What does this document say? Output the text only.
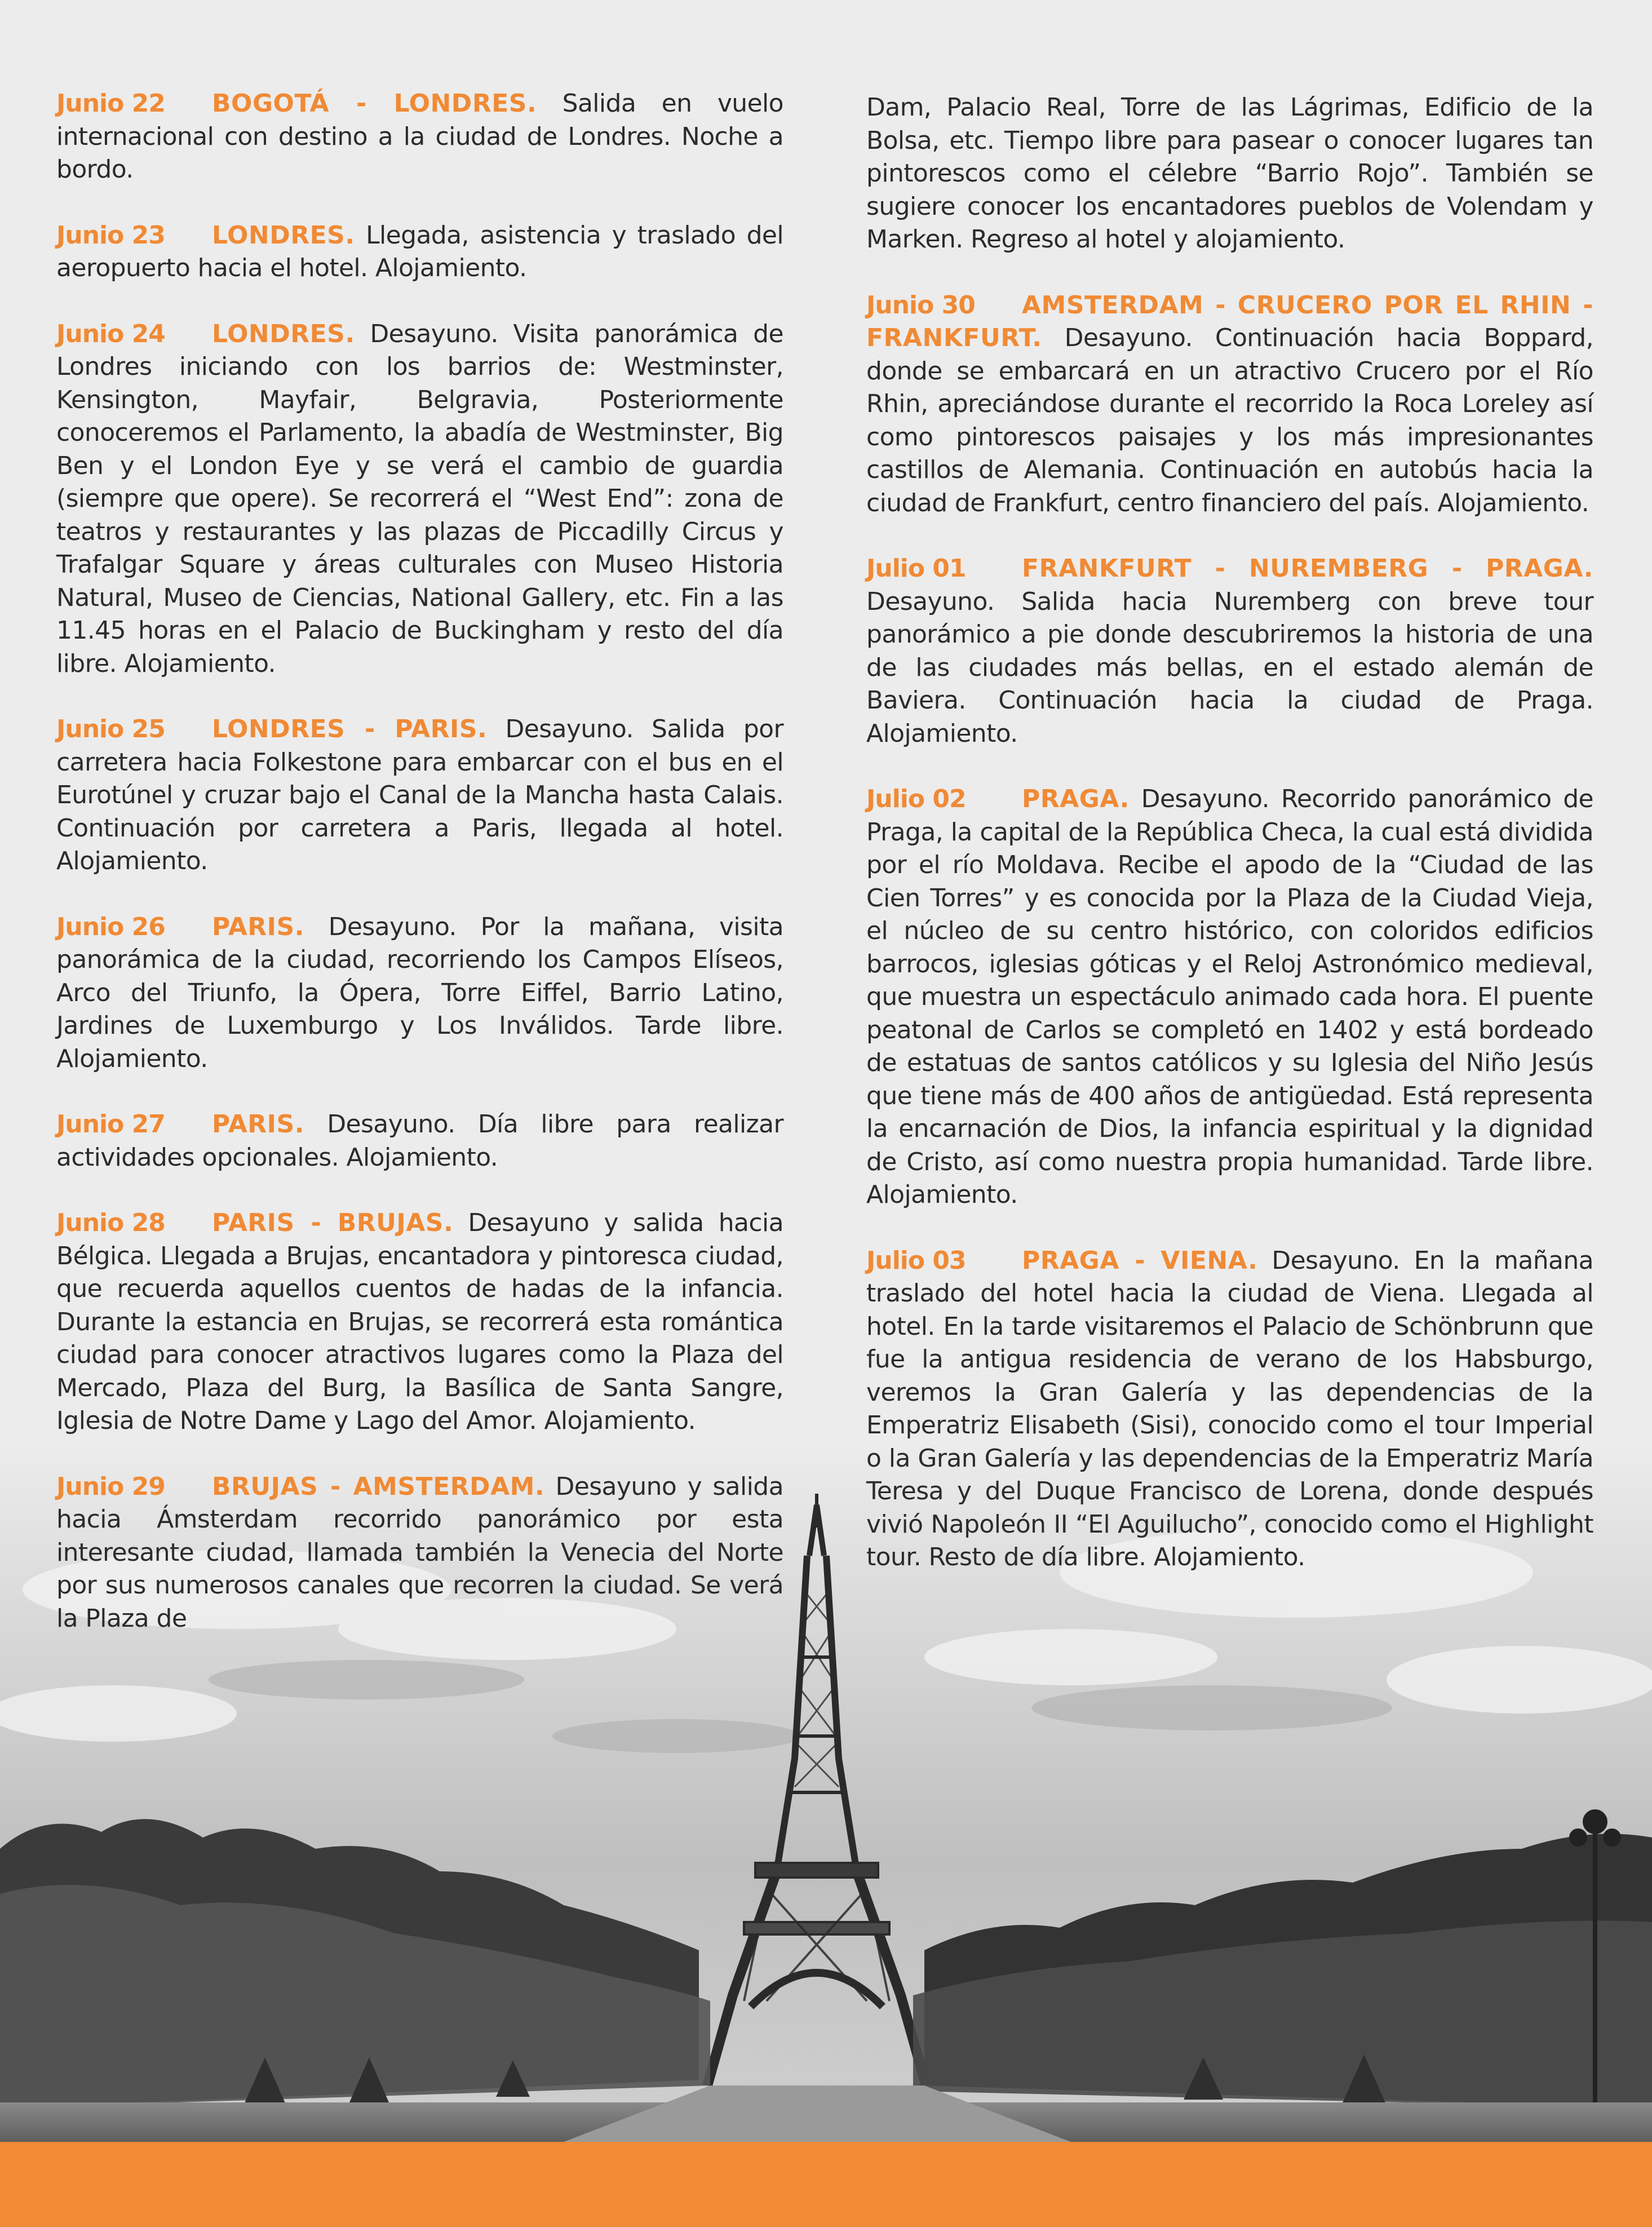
Junio 22 BOGOTÁ - LONDRES. Salida en vuelo internacional con destino a la ciudad de Londres. Noche a bordo.
Junio 23 LONDRES. Llegada, asistencia y traslado del aeropuerto hacia el hotel. Alojamiento.
Junio 24 LONDRES. Desayuno. Visita panorámica de Londres iniciando con los barrios de: Westminster, Kensington, Mayfair, Belgravia, Posteriormente conoceremos el Parlamento, la abadía de Westminster, Big Ben y el London Eye y se verá el cambio de guardia (siempre que opere). Se recorrerá el “West End”: zona de teatros y restaurantes y las plazas de Piccadilly Circus y Trafalgar Square y áreas culturales con Museo Historia Natural, Museo de Ciencias, National Gallery, etc. Fin a las 11.45 horas en el Palacio de Buckingham y resto del día libre. Alojamiento.
Junio 25 LONDRES - PARIS. Desayuno. Salida por carretera hacia Folkestone para embarcar con el bus en el Eurotúnel y cruzar bajo el Canal de la Mancha hasta Calais. Continuación por carretera a Paris, llegada al hotel. Alojamiento.
Junio 26 PARIS. Desayuno. Por la mañana, visita panorámica de la ciudad, recorriendo los Campos Elíseos, Arco del Triunfo, la Ópera, Torre Eiffel, Barrio Latino, Jardines de Luxemburgo y Los Inválidos. Tarde libre. Alojamiento.
Junio 27 PARIS. Desayuno. Día libre para realizar actividades opcionales. Alojamiento.
Junio 28 PARIS - BRUJAS. Desayuno y salida hacia Bélgica. Llegada a Brujas, encantadora y pintoresca ciudad, que recuerda aquellos cuentos de hadas de la infancia. Durante la estancia en Brujas, se recorrerá esta romántica ciudad para conocer atractivos lugares como la Plaza del Mercado, Plaza del Burg, la Basílica de Santa Sangre, Iglesia de Notre Dame y Lago del Amor. Alojamiento.
Junio 29 BRUJAS - AMSTERDAM. Desayuno y salida hacia Ámsterdam recorrido panorámico por esta interesante ciudad, llamada también la Venecia del Norte por sus numerosos canales que recorren la ciudad. Se verá la Plaza de
Dam, Palacio Real, Torre de las Lágrimas, Edificio de la Bolsa, etc. Tiempo libre para pasear o conocer lugares tan pintorescos como el célebre “Barrio Rojo”. También se sugiere conocer los encantadores pueblos de Volendam y Marken. Regreso al hotel y alojamiento.
Junio 30 AMSTERDAM - CRUCERO POR EL RHIN - FRANKFURT. Desayuno. Continuación hacia Boppard, donde se embarcará en un atractivo Crucero por el Río Rhin, apreciándose durante el recorrido la Roca Loreley así como pintorescos paisajes y los más impresionantes castillos de Alemania. Continuación en autobús hacia la ciudad de Frankfurt, centro financiero del país. Alojamiento.
Julio 01 FRANKFURT - NUREMBERG - PRAGA. Desayuno. Salida hacia Nuremberg con breve tour panorámico a pie donde descubriremos la historia de una de las ciudades más bellas, en el estado alemán de Baviera. Continuación hacia la ciudad de Praga. Alojamiento.
Julio 02 PRAGA. Desayuno. Recorrido panorámico de Praga, la capital de la República Checa, la cual está dividida por el río Moldava. Recibe el apodo de la “Ciudad de las Cien Torres” y es conocida por la Plaza de la Ciudad Vieja, el núcleo de su centro histórico, con coloridos edificios barrocos, iglesias góticas y el Reloj Astronómico medieval, que muestra un espectáculo animado cada hora. El puente peatonal de Carlos se completó en 1402 y está bordeado de estatuas de santos católicos y su Iglesia del Niño Jesús que tiene más de 400 años de antigüedad. Está representa la encarnación de Dios, la infancia espiritual y la dignidad de Cristo, así como nuestra propia humanidad. Tarde libre. Alojamiento.
Julio 03 PRAGA - VIENA. Desayuno. En la mañana traslado del hotel hacia la ciudad de Viena. Llegada al hotel. En la tarde visitaremos el Palacio de Schönbrunn que fue la antigua residencia de verano de los Habsburgo, veremos la Gran Galería y las dependencias de la Emperatriz Elisabeth (Sisi), conocido como el tour Imperial o la Gran Galería y las dependencias de la Emperatriz María Teresa y del Duque Francisco de Lorena, donde después vivió Napoleón II “El Aguilucho”, conocido como el Highlight tour. Resto de día libre. Alojamiento.
